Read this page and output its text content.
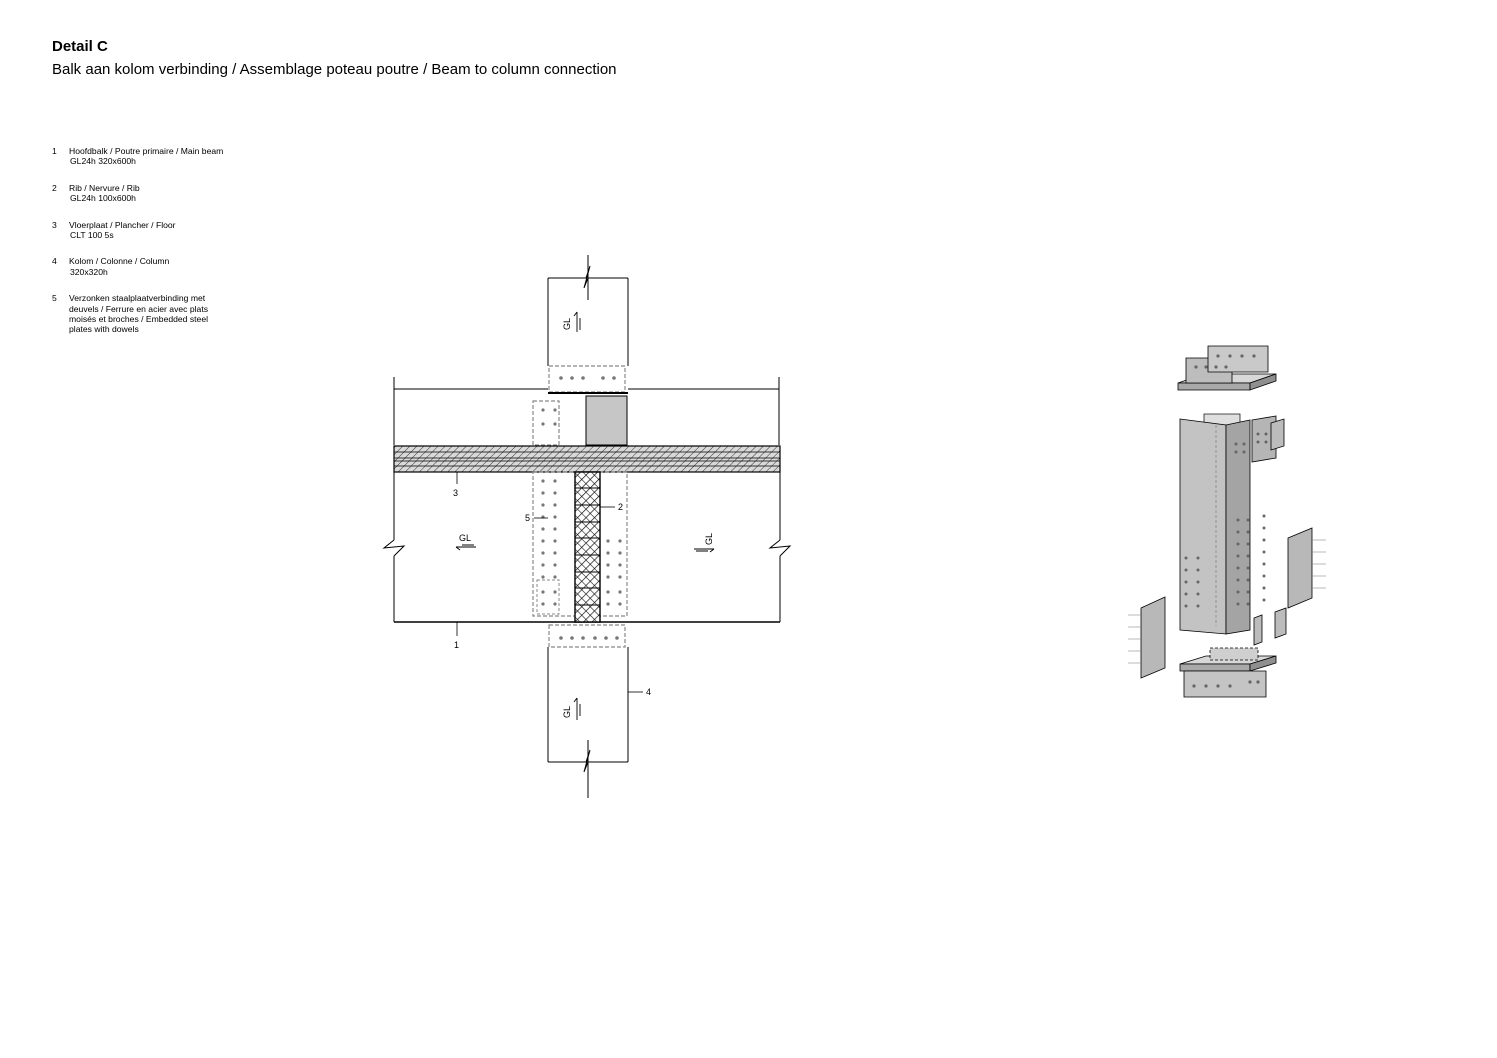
Detail C
Balk aan kolom verbinding / Assemblage poteau poutre / Beam to column connection
1	Hoofdbalk / Poutre primaire / Main beam
GL24h 320x600h
2	Rib / Nervure / Rib
GL24h 100x600h
3	Vloerplaat / Plancher / Floor
CLT 100 5s
4	Kolom / Colonne / Column
320x320h
5	Verzonken staalplaatverbinding met
deuvels / Ferrure en acier avec plats
moisés et broches / Embedded steel
plates with dowels	GL
GL	GL
GL
3
5
2
1
4
